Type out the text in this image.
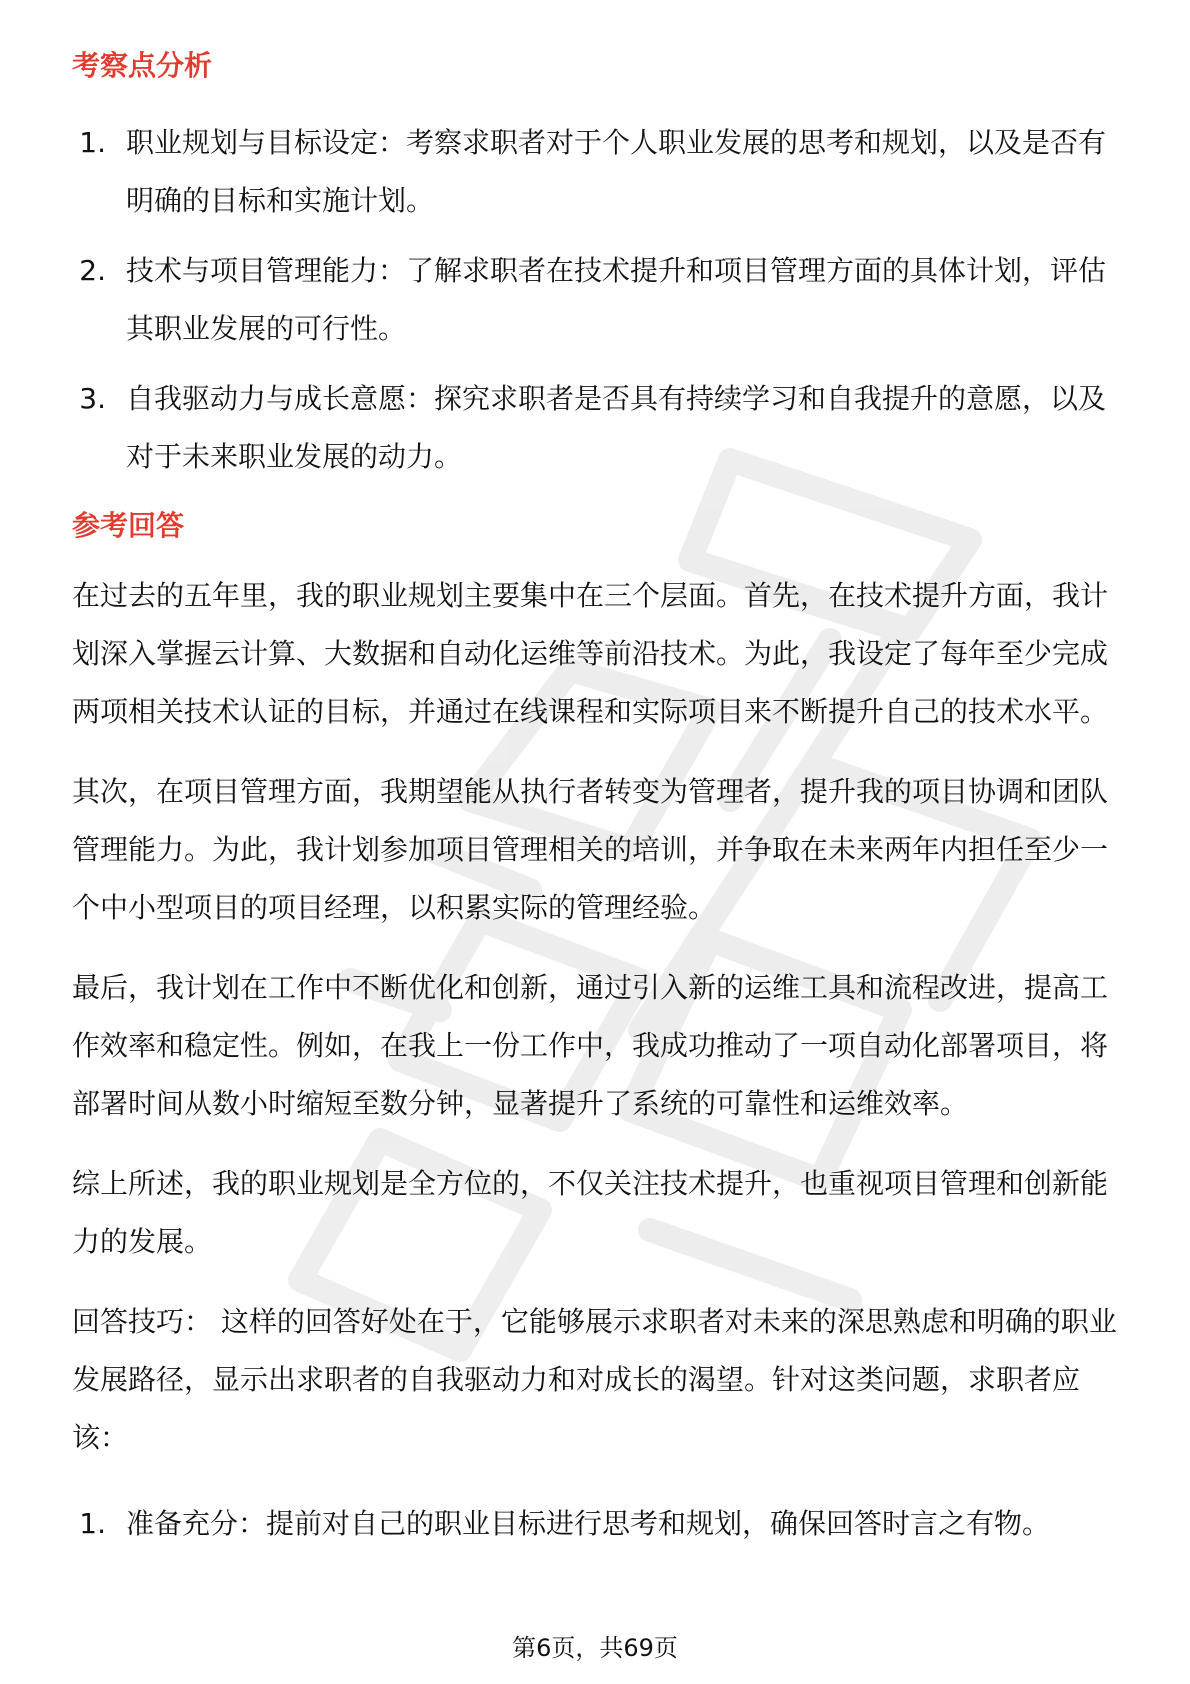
考察点分析
1. 职业规划与目标设定：考察求职者对于个人职业发展的思考和规划，以及是否有明确的目标和实施计划。
2. 技术与项目管理能力：了解求职者在技术提升和项目管理方面的具体计划，评估其职业发展的可行性。
3. 自我驱动力与成长意愿：探究求职者是否具有持续学习和自我提升的意愿，以及对于未来职业发展的动力。
参考回答

在过去的五年里，我的职业规划主要集中在三个层面。首先，在技术提升方面，我计划深入掌握云计算、大数据和自动化运维等前沿技术。为此，我设定了每年至少完成两项相关技术认证的目标，并通过在线课程和实际项目来不断提升自己的技术水平。

其次，在项目管理方面，我期望能从执行者转变为管理者，提升我的项目协调和团队管理能力。为此，我计划参加项目管理相关的培训，并争取在未来两年内担任至少一个中小型项目的项目经理，以积累实际的管理经验。

最后，我计划在工作中不断优化和创新，通过引入新的运维工具和流程改进，提高工作效率和稳定性。例如，在我上一份工作中，我成功推动了一项自动化部署项目，将部署时间从数小时缩短至数分钟，显著提升了系统的可靠性和运维效率。

综上所述，我的职业规划是全方位的，不仅关注技术提升，也重视项目管理和创新能力的发展。

回答技巧： 这样的回答好处在于，它能够展示求职者对未来的深思熟虑和明确的职业发展路径，显示出求职者的自我驱动力和对成长的渴望。针对这类问题，求职者应该：

1. 准备充分：提前对自己的职业目标进行思考和规划，确保回答时言之有物。
第6页，共69页
